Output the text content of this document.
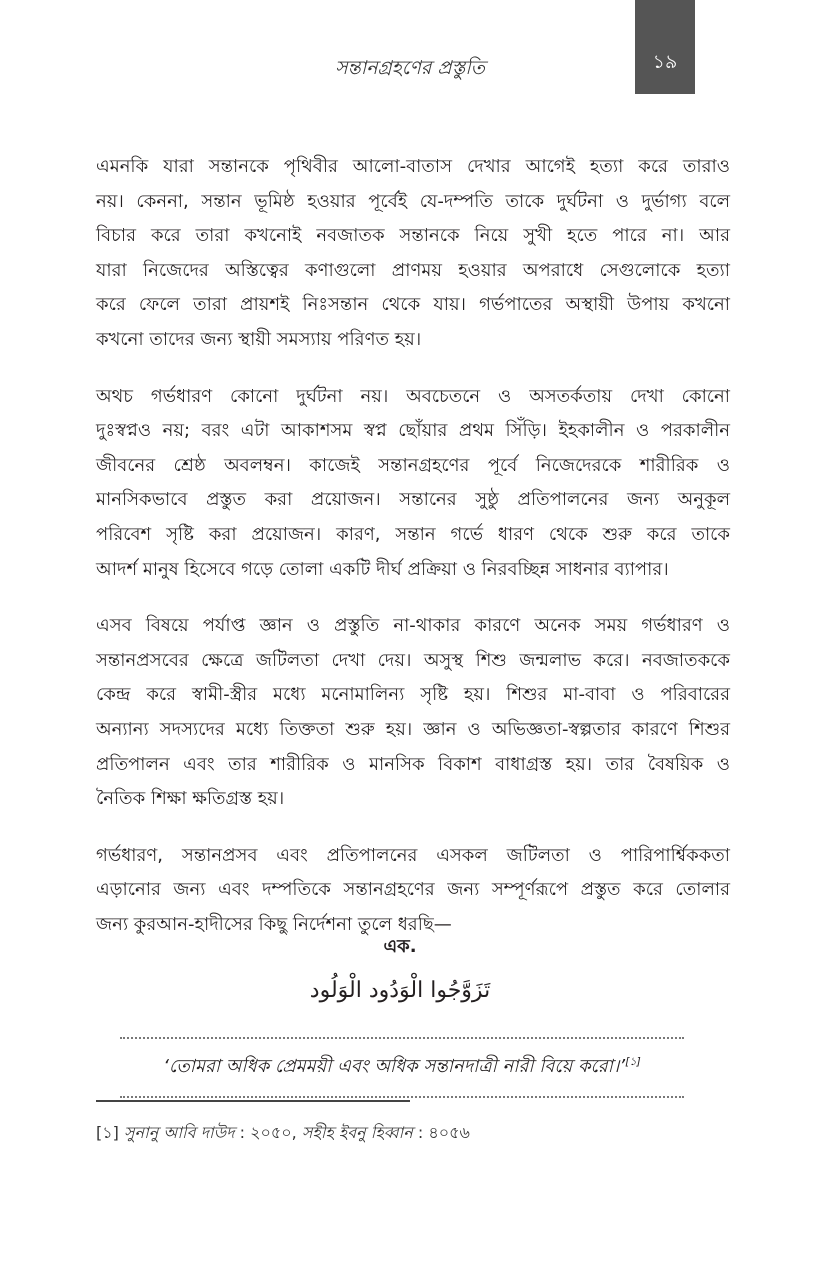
সন্তানগ্রহণের প্রস্তুতি	১৯
এমনকি যারা সন্তানকে পৃথিবীর আলো-বাতাস দেখার আগেই হত্যা করে তারাও
নয়। কেননা, সন্তান ভূমিষ্ঠ হওয়ার পূর্বেই যে-দম্পতি তাকে দুর্ঘটনা ও দুর্ভাগ্য বলে
বিচার করে তারা কখনোই নবজাতক সন্তানকে নিয়ে সুখী হতে পারে না। আর
যারা নিজেদের অস্তিত্বের কণাগুলো প্রাণময় হওয়ার অপরাধে সেগুলোকে হত্যা
করে ফেলে তারা প্রায়শই নিঃসন্তান থেকে যায়। গর্ভপাতের অস্থায়ী উপায় কখনো
কখনো তাদের জন্য স্থায়ী সমস্যায় পরিণত হয়।
অথচ গর্ভধারণ কোনো দুর্ঘটনা নয়। অবচেতনে ও অসতর্কতায় দেখা কোনো
দুঃস্বপ্নও নয়; বরং এটা আকাশসম স্বপ্ন ছোঁয়ার প্রথম সিঁড়ি। ইহকালীন ও পরকালীন
জীবনের শ্রেষ্ঠ অবলম্বন। কাজেই সন্তানগ্রহণের পূর্বে নিজেদেরকে শারীরিক ও
মানসিকভাবে প্রস্তুত করা প্রয়োজন। সন্তানের সুষ্ঠু প্রতিপালনের জন্য অনুকূল
পরিবেশ সৃষ্টি করা প্রয়োজন। কারণ, সন্তান গর্ভে ধারণ থেকে শুরু করে তাকে
আদর্শ মানুষ হিসেবে গড়ে তোলা একটি দীর্ঘ প্রক্রিয়া ও নিরবচ্ছিন্ন সাধনার ব্যাপার।
এসব বিষয়ে পর্যাপ্ত জ্ঞান ও প্রস্তুতি না-থাকার কারণে অনেক সময় গর্ভধারণ ও
সন্তানপ্রসবের ক্ষেত্রে জটিলতা দেখা দেয়। অসুস্থ শিশু জন্মলাভ করে। নবজাতককে
কেন্দ্র করে স্বামী-স্ত্রীর মধ্যে মনোমালিন্য সৃষ্টি হয়। শিশুর মা-বাবা ও পরিবারের
অন্যান্য সদস্যদের মধ্যে তিক্ততা শুরু হয়। জ্ঞান ও অভিজ্ঞতা-স্বল্পতার কারণে শিশুর
প্রতিপালন এবং তার শারীরিক ও মানসিক বিকাশ বাধাগ্রস্ত হয়। তার বৈষয়িক ও
নৈতিক শিক্ষা ক্ষতিগ্রস্ত হয়।
গর্ভধারণ, সন্তানপ্রসব এবং প্রতিপালনের এসকল জটিলতা ও পারিপার্শ্বিককতা
এড়ানোর জন্য এবং দম্পতিকে সন্তানগ্রহণের জন্য সম্পূর্ণরূপে প্রস্তুত করে তোলার
জন্য কুরআন-হাদীসের কিছু নির্দেশনা তুলে ধরছি—
এক.
تَزَوَّجُوا الْوَدُود الْوَلُود
‘তোমরা অধিক প্রেমময়ী এবং অধিক সন্তানদাত্রী নারী বিয়ে করো।’[১]
[১] সুনানু আবি দাউদ : ২০৫০, সহীহ ইবনু হিব্বান : ৪০৫৬
